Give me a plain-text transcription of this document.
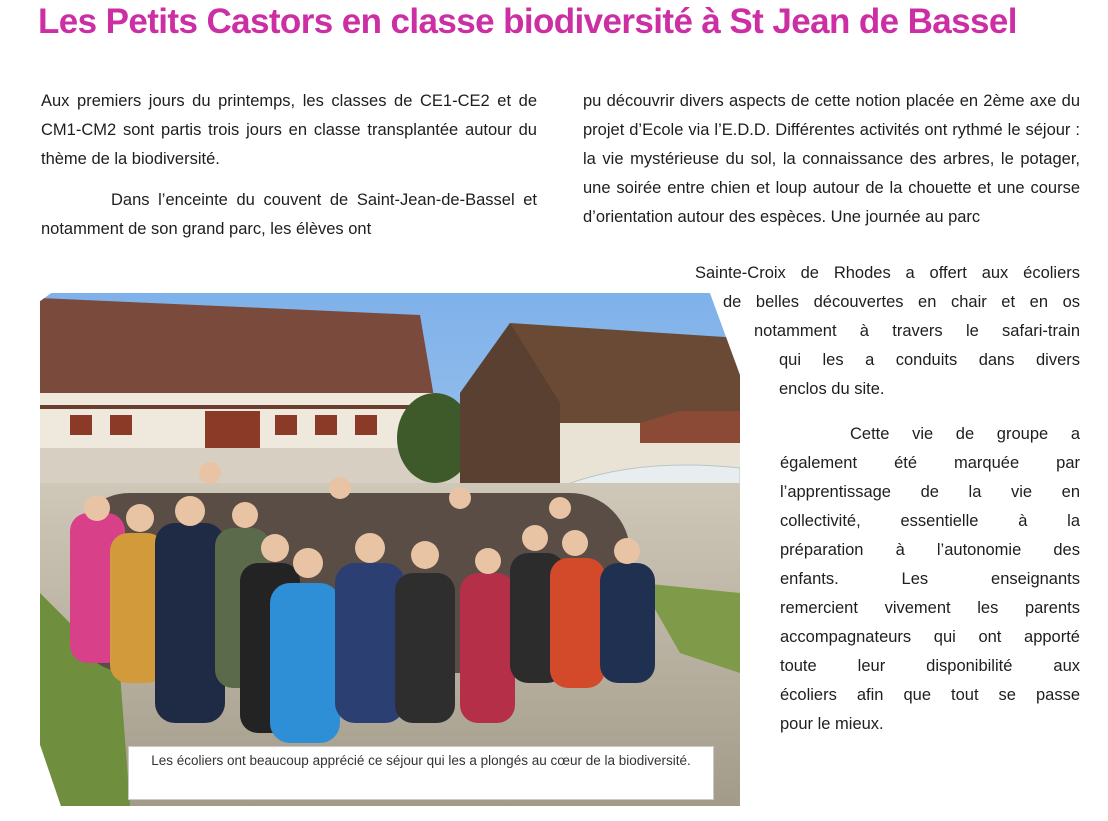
Les Petits Castors en classe biodiversité à St Jean de Bassel

Aux premiers jours du printemps, les classes de CE1-CE2 et de CM1-CM2 sont partis trois jours en classe transplantée autour du thème de la biodiversité.

Dans l’enceinte du couvent de Saint-Jean-de-Bassel et notamment de son grand parc, les élèves ont

pu découvrir divers aspects de cette notion placée en 2ème axe du projet d’Ecole via l’E.D.D. Différentes activités ont rythmé le séjour : la vie mystérieuse du sol, la connaissance des arbres, le potager, une soirée entre chien et loup autour de la chouette et une course d’orientation autour des espèces. Une journée au parc

Sainte-Croix de Rhodes a offert aux écoliers
de belles découvertes en chair et en os
notamment à travers le safari-train
qui les a conduits dans divers
enclos du site.
Cette vie de groupe a
également été marquée par
l’apprentissage de la vie en
collectivité, essentielle à la
préparation à l’autonomie des
enfants. Les enseignants
remercient vivement les parents
accompagnateurs qui ont apporté
toute leur disponibilité aux
écoliers afin que tout se passe
pour le mieux.
Les écoliers ont beaucoup apprécié ce séjour qui les a plongés au cœur de la biodiversité.
